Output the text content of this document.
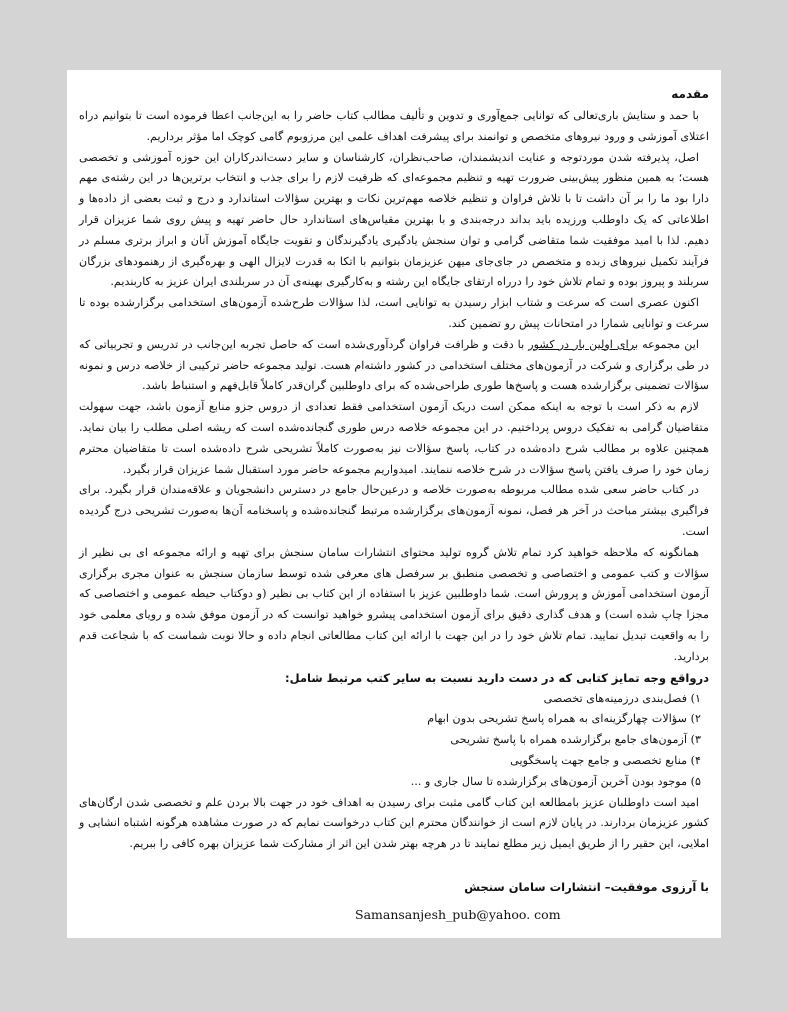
مقدمه

با حمد و ستایش باری‌تعالی که توانایی جمع‌آوری و تدوین و تألیف مطالب کتاب حاضر را به این‌جانب اعطا فرموده است تا بتوانیم دراه اعتلای آموزشی و ورود نیروهای متخصص و توانمند برای پیشرفت اهداف علمی این مرزوبوم گامی کوچک اما مؤثر برداریم.

اصل، پذیرفته شدن موردتوجه و عنایت اندیشمندان، صاحب‌نظران، کارشناسان و سایر دست‌اندرکاران این حوزه آموزشی و تخصصی هست؛ به همین منظور پیش‌بینی ضرورت تهیه و تنظیم مجموعه‌ای که ظرفیت لازم را برای جذب و انتخاب برترین‌ها در این رشته‌ی مهم دارا بود ما را بر آن داشت تا با تلاش فراوان و تنظیم خلاصه مهم‌ترین نکات و بهترین سؤالات استاندارد و درج و ثبت بعضی از داده‌ها و اطلاعاتی که یک داوطلب ورزیده باید بداند درجه‌بندی و با بهترین مقیاس‌های استاندارد حال حاضر تهیه و پیش روی شما عزیزان قرار دهیم. لذا با امید موفقیت شما متقاضی گرامی و توان سنجش یادگیری یادگیرندگان و تقویت جایگاه آموزش آنان و ابراز برتری مسلم در فرآیند تکمیل نیروهای زبده و متخصص در جای‌جای میهن عزیزمان بتوانیم با اتکا به قدرت لایزال الهی و بهره‌گیری از رهنمودهای بزرگان سربلند و پیروز بوده و تمام تلاش خود را درراه ارتقای جایگاه این رشته و به‌کارگیری بهینه‌ی آن در سربلندی ایران عزیز به کاربندیم.

اکنون عصری است که سرعت و شتاب ابزار رسیدن به توانایی است، لذا سؤالات طرح‌شده آزمون‌های استخدامی برگزارشده بوده تا سرعت و توانایی شمارا در امتحانات پیش رو تضمین کند.

این مجموعه برای اولین بار در کشور با دقت و ظرافت فراوان گردآوری‌شده است که حاصل تجربه این‌جانب در تدریس و تجربیاتی که در طی برگزاری و شرکت در آزمون‌های مختلف استخدامی در کشور داشته‌ام هست. تولید مجموعه حاضر ترکیبی از خلاصه درس و نمونه سؤالات تضمینی برگزارشده هست و پاسخ‌ها طوری طراحی‌شده که برای داوطلبین گران‌قدر کاملاً قابل‌فهم و استنباط باشد.

لازم به ذکر است با توجه به اینکه ممکن است دریک آزمون استخدامی فقط تعدادی از دروس جزو منابع آزمون باشد، جهت سهولت متقاضیان گرامی به تفکیک دروس پرداختیم. در این مجموعه خلاصه درس طوری گنجانده‌شده است که ریشه اصلی مطلب را بیان نماید. همچنین علاوه بر مطالب شرح داده‌شده در کتاب، پاسخ سؤالات نیز به‌صورت کاملاً تشریحی شرح داده‌شده است تا متقاضیان محترم زمان خود را صرف یافتن پاسخ سؤالات در شرح خلاصه ننمایند. امیدواریم مجموعه حاضر مورد استقبال شما عزیزان قرار بگیرد.

در کتاب حاضر سعی شده مطالب مربوطه به‌صورت خلاصه و درعین‌حال جامع در دسترس دانشجویان و علاقه‌مندان قرار بگیرد. برای فراگیری بیشتر مباحث در آخر هر فصل، نمونه آزمون‌های برگزارشده مرتبط گنجانده‌شده و پاسخنامه آن‌ها به‌صورت تشریحی درج گردیده است.

همانگونه که ملاحظه خواهید کرد تمام تلاش گروه تولید محتوای انتشارات سامان سنجش برای تهیه و ارائه مجموعه ای بی نظیر از سؤالات و کتب عمومی و اختصاصی و تخصصی منطبق بر سرفصل های معرفی شده توسط سازمان سنجش به عنوان مجری برگزاری آزمون استخدامی آموزش و پرورش است. شما داوطلبین عزیز با استفاده از این کتاب بی نظیر (و دوکتاب حیطه عمومی و اختصاصی که مجزا چاپ شده است) و هدف گذاری دقیق برای آزمون استخدامی پیشرو خواهید توانست که در آزمون موفق شده و رویای معلمی خود را به واقعیت تبدیل نمایید. تمام تلاش خود را در این جهت با ارائه این کتاب مطالعاتی انجام داده و حالا نوبت شماست که با شجاعت قدم بردارید.

درواقع وجه تمایز کتابی که در دست دارید نسبت به سایر کتب مرتبط شامل:
۱) فصل‌بندی درزمینه‌های تخصصی
۲) سؤالات چهارگزینه‌ای به همراه پاسخ تشریحی بدون ابهام
۳) آزمون‌های جامع برگزارشده همراه با پاسخ تشریحی
۴) منابع تخصصی و جامع جهت پاسخگویی
۵) موجود بودن آخرین آزمون‌های برگزارشده تا سال جاری و ...

امید است داوطلبان عزیز بامطالعه این کتاب گامی مثبت برای رسیدن به اهداف خود در جهت بالا بردن علم و تخصصی شدن ارگان‌های کشور عزیزمان بردارند. در پایان لازم است از خوانندگان محترم این کتاب درخواست نمایم که در صورت مشاهده هرگونه اشتباه انشایی و املایی، این حقیر را از طریق ایمیل زیر مطلع نمایند تا در هرچه بهتر شدن این اثر از مشارکت شما عزیزان بهره کافی را ببریم.

با آرزوی موفقیت– انتشارات سامان سنجش
Samansanjesh_pub@yahoo. com
